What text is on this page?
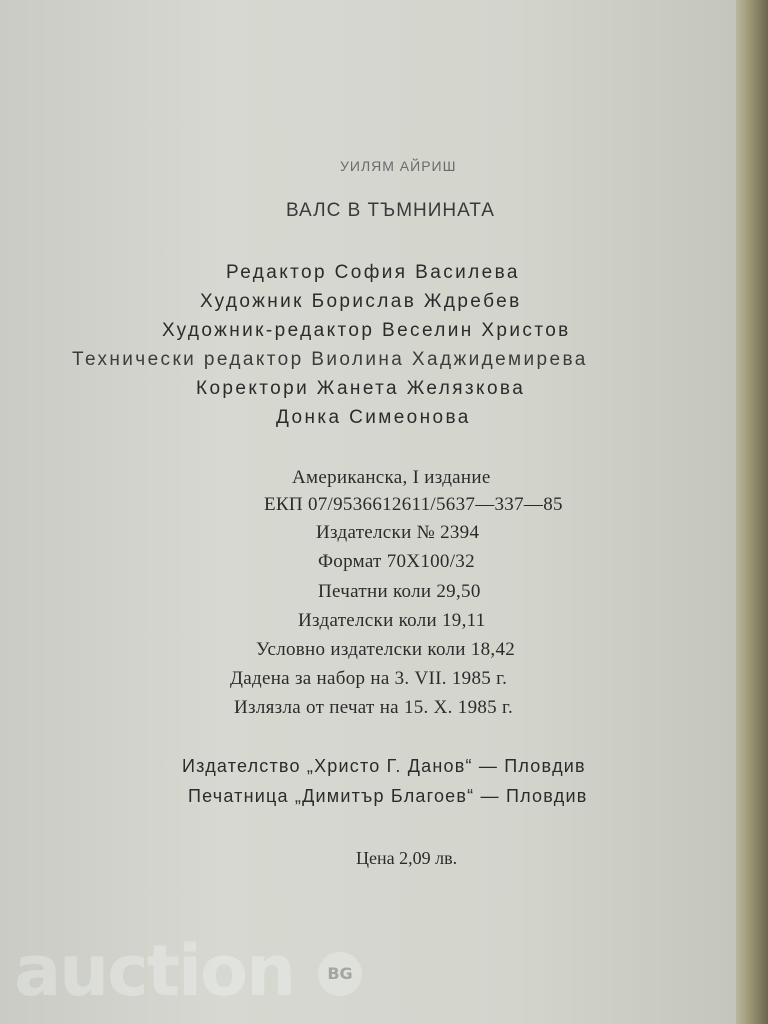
УИЛЯМ АЙРИШ
ВАЛС В ТЪМНИНАТА
Редактор София Василева
Художник Борислав Ждребев
Художник-редактор Веселин Христов
Технически редактор Виолина Хаджидемирева
Коректори Жанета Желязкова
Донка Симеонова
Американска, I издание
ЕКП 07/9536612611/5637—337—85
Издателски № 2394
Формат 70X100/32
Печатни коли 29,50
Издателски коли 19,11
Условно издателски коли 18,42
Дадена за набор на 3. VII. 1985 г.
Излязла от печат на 15. X. 1985 г.
Издателство „Христо Г. Данов“ — Пловдив
Печатница „Димитър Благоев“ — Пловдив
Цена 2,09 лв.
auction	BG
